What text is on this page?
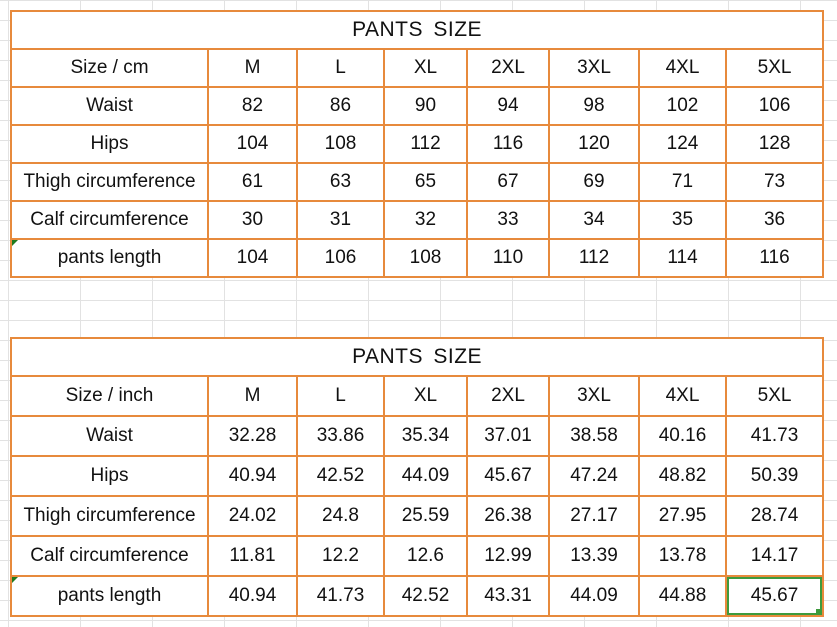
PANTS SIZE							
Size / cm	M	L	XL	2XL	3XL	4XL	5XL
Waist	82	86	90	94	98	102	106
Hips	104	108	112	116	120	124	128
Thigh circumference	61	63	65	67	69	71	73
Calf circumference	30	31	32	33	34	35	36
pants length	104	106	108	110	112	114	116
PANTS SIZE							
Size / inch	M	L	XL	2XL	3XL	4XL	5XL
Waist	32.28	33.86	35.34	37.01	38.58	40.16	41.73
Hips	40.94	42.52	44.09	45.67	47.24	48.82	50.39
Thigh circumference	24.02	24.8	25.59	26.38	27.17	27.95	28.74
Calf circumference	11.81	12.2	12.6	12.99	13.39	13.78	14.17
pants length	40.94	41.73	42.52	43.31	44.09	44.88	45.67
